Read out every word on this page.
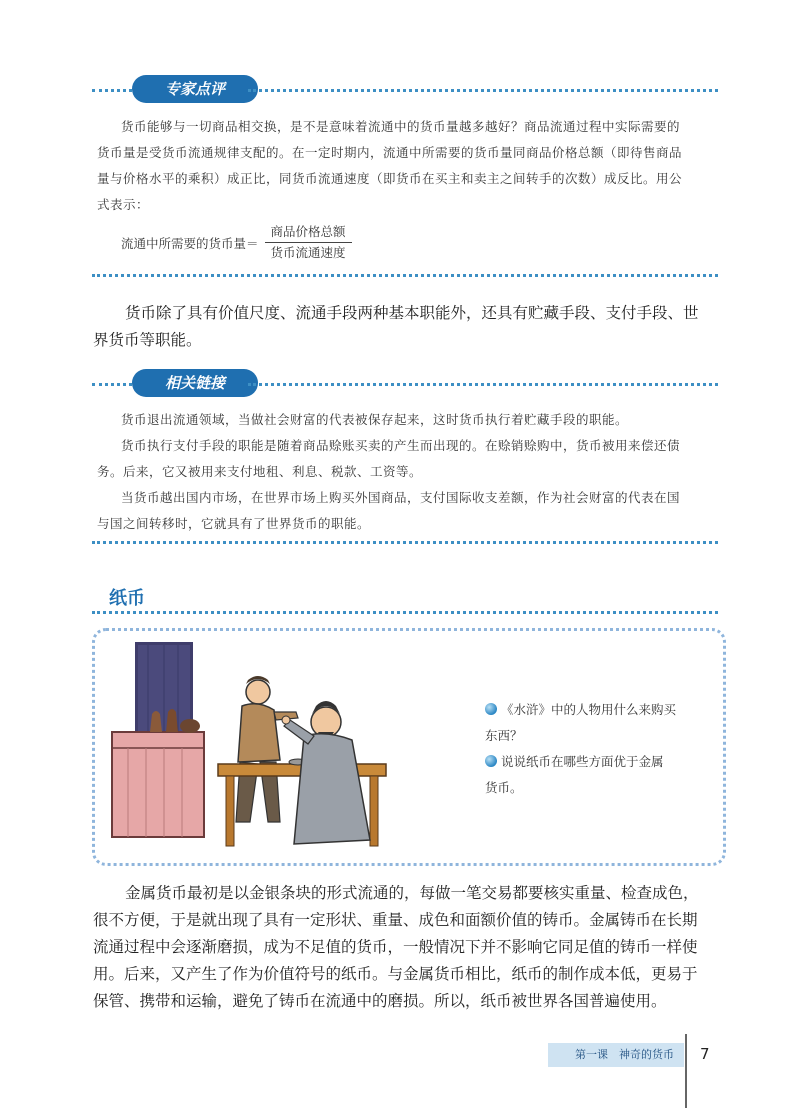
专家点评

货币能够与一切商品相交换，是不是意味着流通中的货币量越多越好？商品流通过程中实际需要的

货币量是受货币流通规律支配的。在一定时期内，流通中所需要的货币量同商品价格总额（即待售商品

量与价格水平的乘积）成正比，同货币流通速度（即货币在买主和卖主之间转手的次数）成反比。用公

式表示：

流通中所需要的货币量＝ $\frac{\text{商品价格总额}}{\text{货币流通速度}}$

货币除了具有价值尺度、流通手段两种基本职能外，还具有贮藏手段、支付手段、世

界货币等职能。

相关链接

货币退出流通领域，当做社会财富的代表被保存起来，这时货币执行着贮藏手段的职能。

货币执行支付手段的职能是随着商品赊账买卖的产生而出现的。在赊销赊购中，货币被用来偿还债

务。后来，它又被用来支付地租、利息、税款、工资等。

当货币越出国内市场，在世界市场上购买外国商品，支付国际收支差额，作为社会财富的代表在国

与国之间转移时，它就具有了世界货币的职能。

纸币

《水浒》中的人物用什么来购买

东西？

说说纸币在哪些方面优于金属

货币。

金属货币最初是以金银条块的形式流通的，每做一笔交易都要核实重量、检查成色，

很不方便，于是就出现了具有一定形状、重量、成色和面额价值的铸币。金属铸币在长期

流通过程中会逐渐磨损，成为不足值的货币，一般情况下并不影响它同足值的铸币一样使

用。后来，又产生了作为价值符号的纸币。与金属货币相比，纸币的制作成本低，更易于

保管、携带和运输，避免了铸币在流通中的磨损。所以，纸币被世界各国普遍使用。

第一课　神奇的货币	7
